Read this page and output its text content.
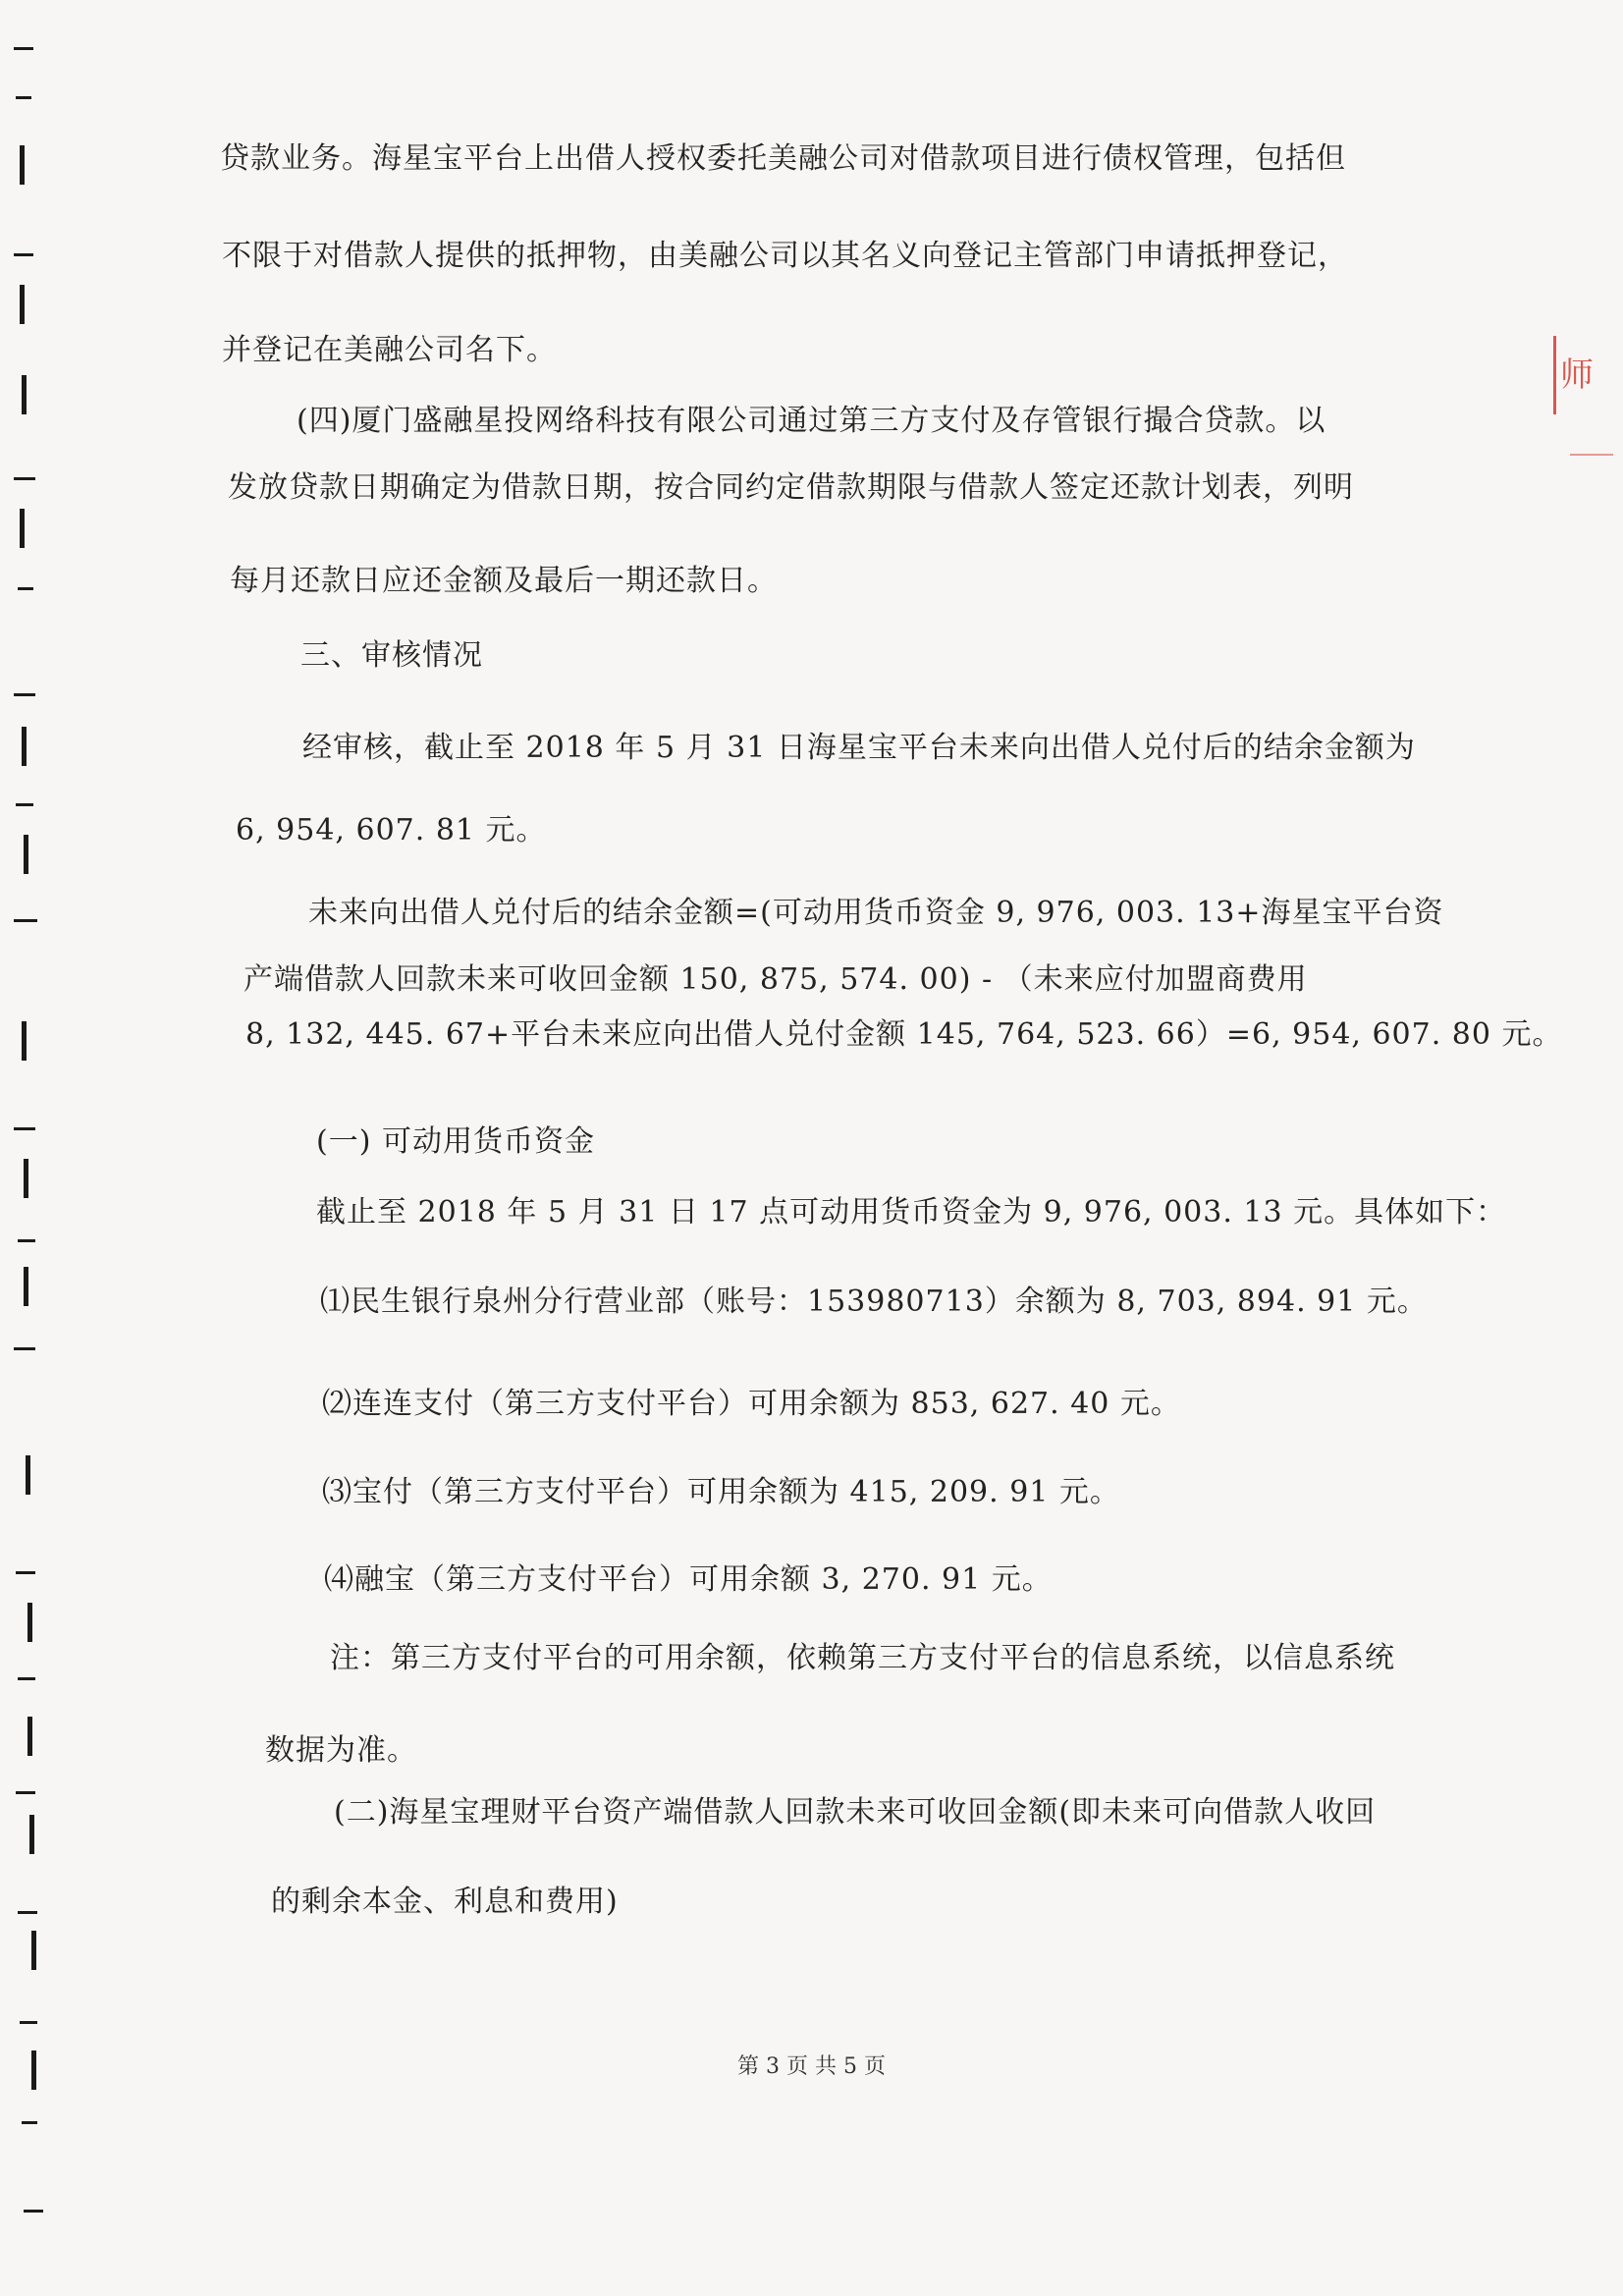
贷款业务。海星宝平台上出借人授权委托美融公司对借款项目进行债权管理，包括但
不限于对借款人提供的抵押物，由美融公司以其名义向登记主管部门申请抵押登记，
并登记在美融公司名下。
(四)厦门盛融星投网络科技有限公司通过第三方支付及存管银行撮合贷款。以
发放贷款日期确定为借款日期，按合同约定借款期限与借款人签定还款计划表，列明
每月还款日应还金额及最后一期还款日。
三、审核情况
经审核，截止至 2018 年 5 月 31 日海星宝平台未来向出借人兑付后的结余金额为
6, 954, 607. 81 元。
未来向出借人兑付后的结余金额=(可动用货币资金 9, 976, 003. 13+海星宝平台资
产端借款人回款未来可收回金额 150, 875, 574. 00) - （未来应付加盟商费用
8, 132, 445. 67+平台未来应向出借人兑付金额 145, 764, 523. 66）=6, 954, 607. 80 元。
(一) 可动用货币资金
截止至 2018 年 5 月 31 日 17 点可动用货币资金为 9, 976, 003. 13 元。具体如下：
⑴民生银行泉州分行营业部（账号：153980713）余额为 8, 703, 894. 91 元。
⑵连连支付（第三方支付平台）可用余额为 853, 627. 40 元。
⑶宝付（第三方支付平台）可用余额为 415, 209. 91 元。
⑷融宝（第三方支付平台）可用余额 3, 270. 91 元。
注：第三方支付平台的可用余额，依赖第三方支付平台的信息系统，以信息系统
数据为准。
(二)海星宝理财平台资产端借款人回款未来可收回金额(即未来可向借款人收回
的剩余本金、利息和费用)
第 3 页 共 5 页
师
